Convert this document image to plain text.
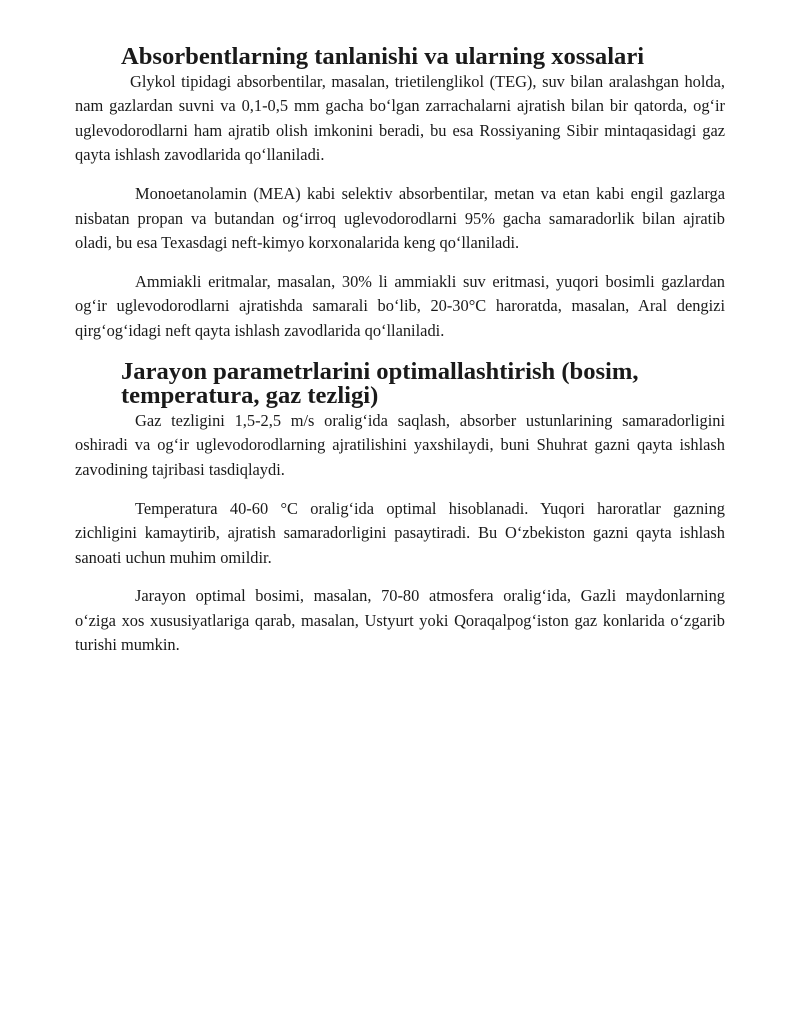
Absorbentlarning tanlanishi va ularning xossalari

Glykol tipidagi absorbentilar, masalan, trietilenglikol (TEG), suv bilan aralashgan holda, nam gazlardan suvni va 0,1-0,5 mm gacha bo‘lgan zarrachalarni ajratish bilan bir qatorda, og‘ir uglevodorodlarni ham ajratib olish imkonini beradi, bu esa Rossiyaning Sibir mintaqasidagi gaz qayta ishlash zavodlarida qo‘llaniladi.

Monoetanolamin (MEA) kabi selektiv absorbentilar, metan va etan kabi engil gazlarga nisbatan propan va butandan og‘irroq uglevodorodlarni 95% gacha samaradorlik bilan ajratib oladi, bu esa Texasdagi neft-kimyo korxonalarida keng qo‘llaniladi.

Ammiakli eritmalar, masalan, 30% li ammiakli suv eritmasi, yuqori bosimli gazlardan og‘ir uglevodorodlarni ajratishda samarali bo‘lib, 20-30°C haroratda, masalan, Aral dengizi qirg‘og‘idagi neft qayta ishlash zavodlarida qo‘llaniladi.

Jarayon parametrlarini optimallashtirish (bosim, temperatura, gaz tezligi)

Gaz tezligini 1,5-2,5 m/s oralig‘ida saqlash, absorber ustunlarining samaradorligini oshiradi va og‘ir uglevodorodlarning ajratilishini yaxshilaydi, buni Shuhrat gazni qayta ishlash zavodining tajribasi tasdiqlaydi.

Temperatura 40-60 °C oralig‘ida optimal hisoblanadi. Yuqori haroratlar gazning zichligini kamaytirib, ajratish samaradorligini pasaytiradi. Bu O‘zbekiston gazni qayta ishlash sanoati uchun muhim omildir.

Jarayon optimal bosimi, masalan, 70-80 atmosfera oralig‘ida, Gazli maydonlarning o‘ziga xos xususiyatlariga qarab, masalan, Ustyurt yoki Qoraqalpog‘iston gaz konlarida o‘zgarib turishi mumkin.
